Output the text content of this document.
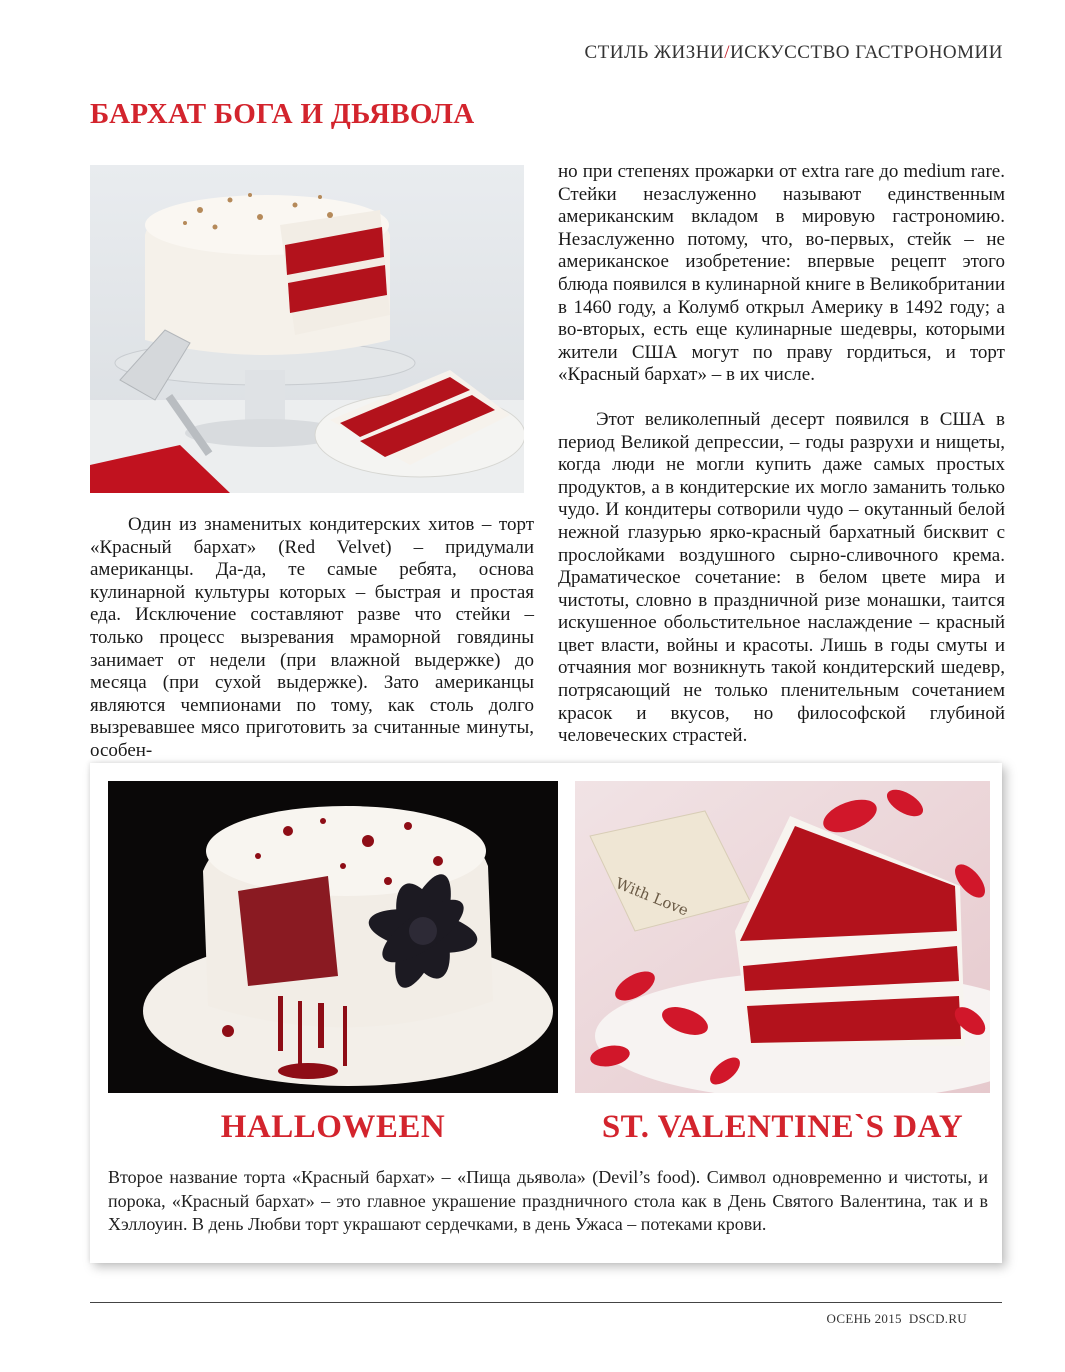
СТИЛЬ ЖИЗНИ/ИСКУССТВО ГАСТРОНОМИИ
БАРХАТ БОГА И ДЬЯВОЛА

Один из знаменитых кондитерских хитов – торт «Красный бархат» (Red Velvet) – придумали американцы. Да-да, те самые ребята, основа кулинарной культуры которых – быстрая и простая еда. Исключение составляют разве что стейки – только процесс вызревания мраморной говядины занимает от недели (при влажной выдержке) до месяца (при сухой выдержке). Зато американцы являются чемпионами по тому, как столь долго вызревавшее мясо приготовить за считанные минуты, особен-

но при степенях прожарки от extra rare до medium rare. Стейки незаслуженно называют единственным американским вкладом в мировую гастрономию. Незаслуженно потому, что, во-первых, стейк – не американское изобретение: впервые рецепт этого блюда появился в кулинарной книге в Великобритании в 1460 году, а Колумб открыл Америку в 1492 году; а во-вторых, есть еще кулинарные шедевры, которыми жители США могут по праву гордиться, и торт «Красный бархат» – в их числе.

Этот великолепный десерт появился в США в период Великой депрессии, – годы разрухи и нищеты, когда люди не могли купить даже самых простых продуктов, а в кондитерские их могло заманить только чудо. И кондитеры сотворили чудо – окутанный белой нежной глазурью ярко-красный бархатный бисквит с прослойками воздушного сырно-сливочного крема. Драматическое сочетание: в белом цвете мира и чистоты, словно в праздничной ризе монашки, таится искушенное обольстительное наслаждение – красный цвет власти, войны и красоты. Лишь в годы смуты и отчаяния мог возникнуть такой кондитерский шедевр, потрясающий не только пленительным сочетанием красок и вкусов, но философской глубиной человеческих страстей.

With Love
HALLOWEEN	ST. VALENTINE`S DAY
Второе название торта «Красный бархат» – «Пища дьявола» (Devil’s food). Символ одновременно и чистоты, и порока, «Красный бархат» – это главное украшение праздничного стола как в День Святого Валентина, так и в Хэллоуин. В день Любви торт украшают сердечками, в день Ужаса – потеками крови.
ОСЕНЬ 2015 DSCD.RU
